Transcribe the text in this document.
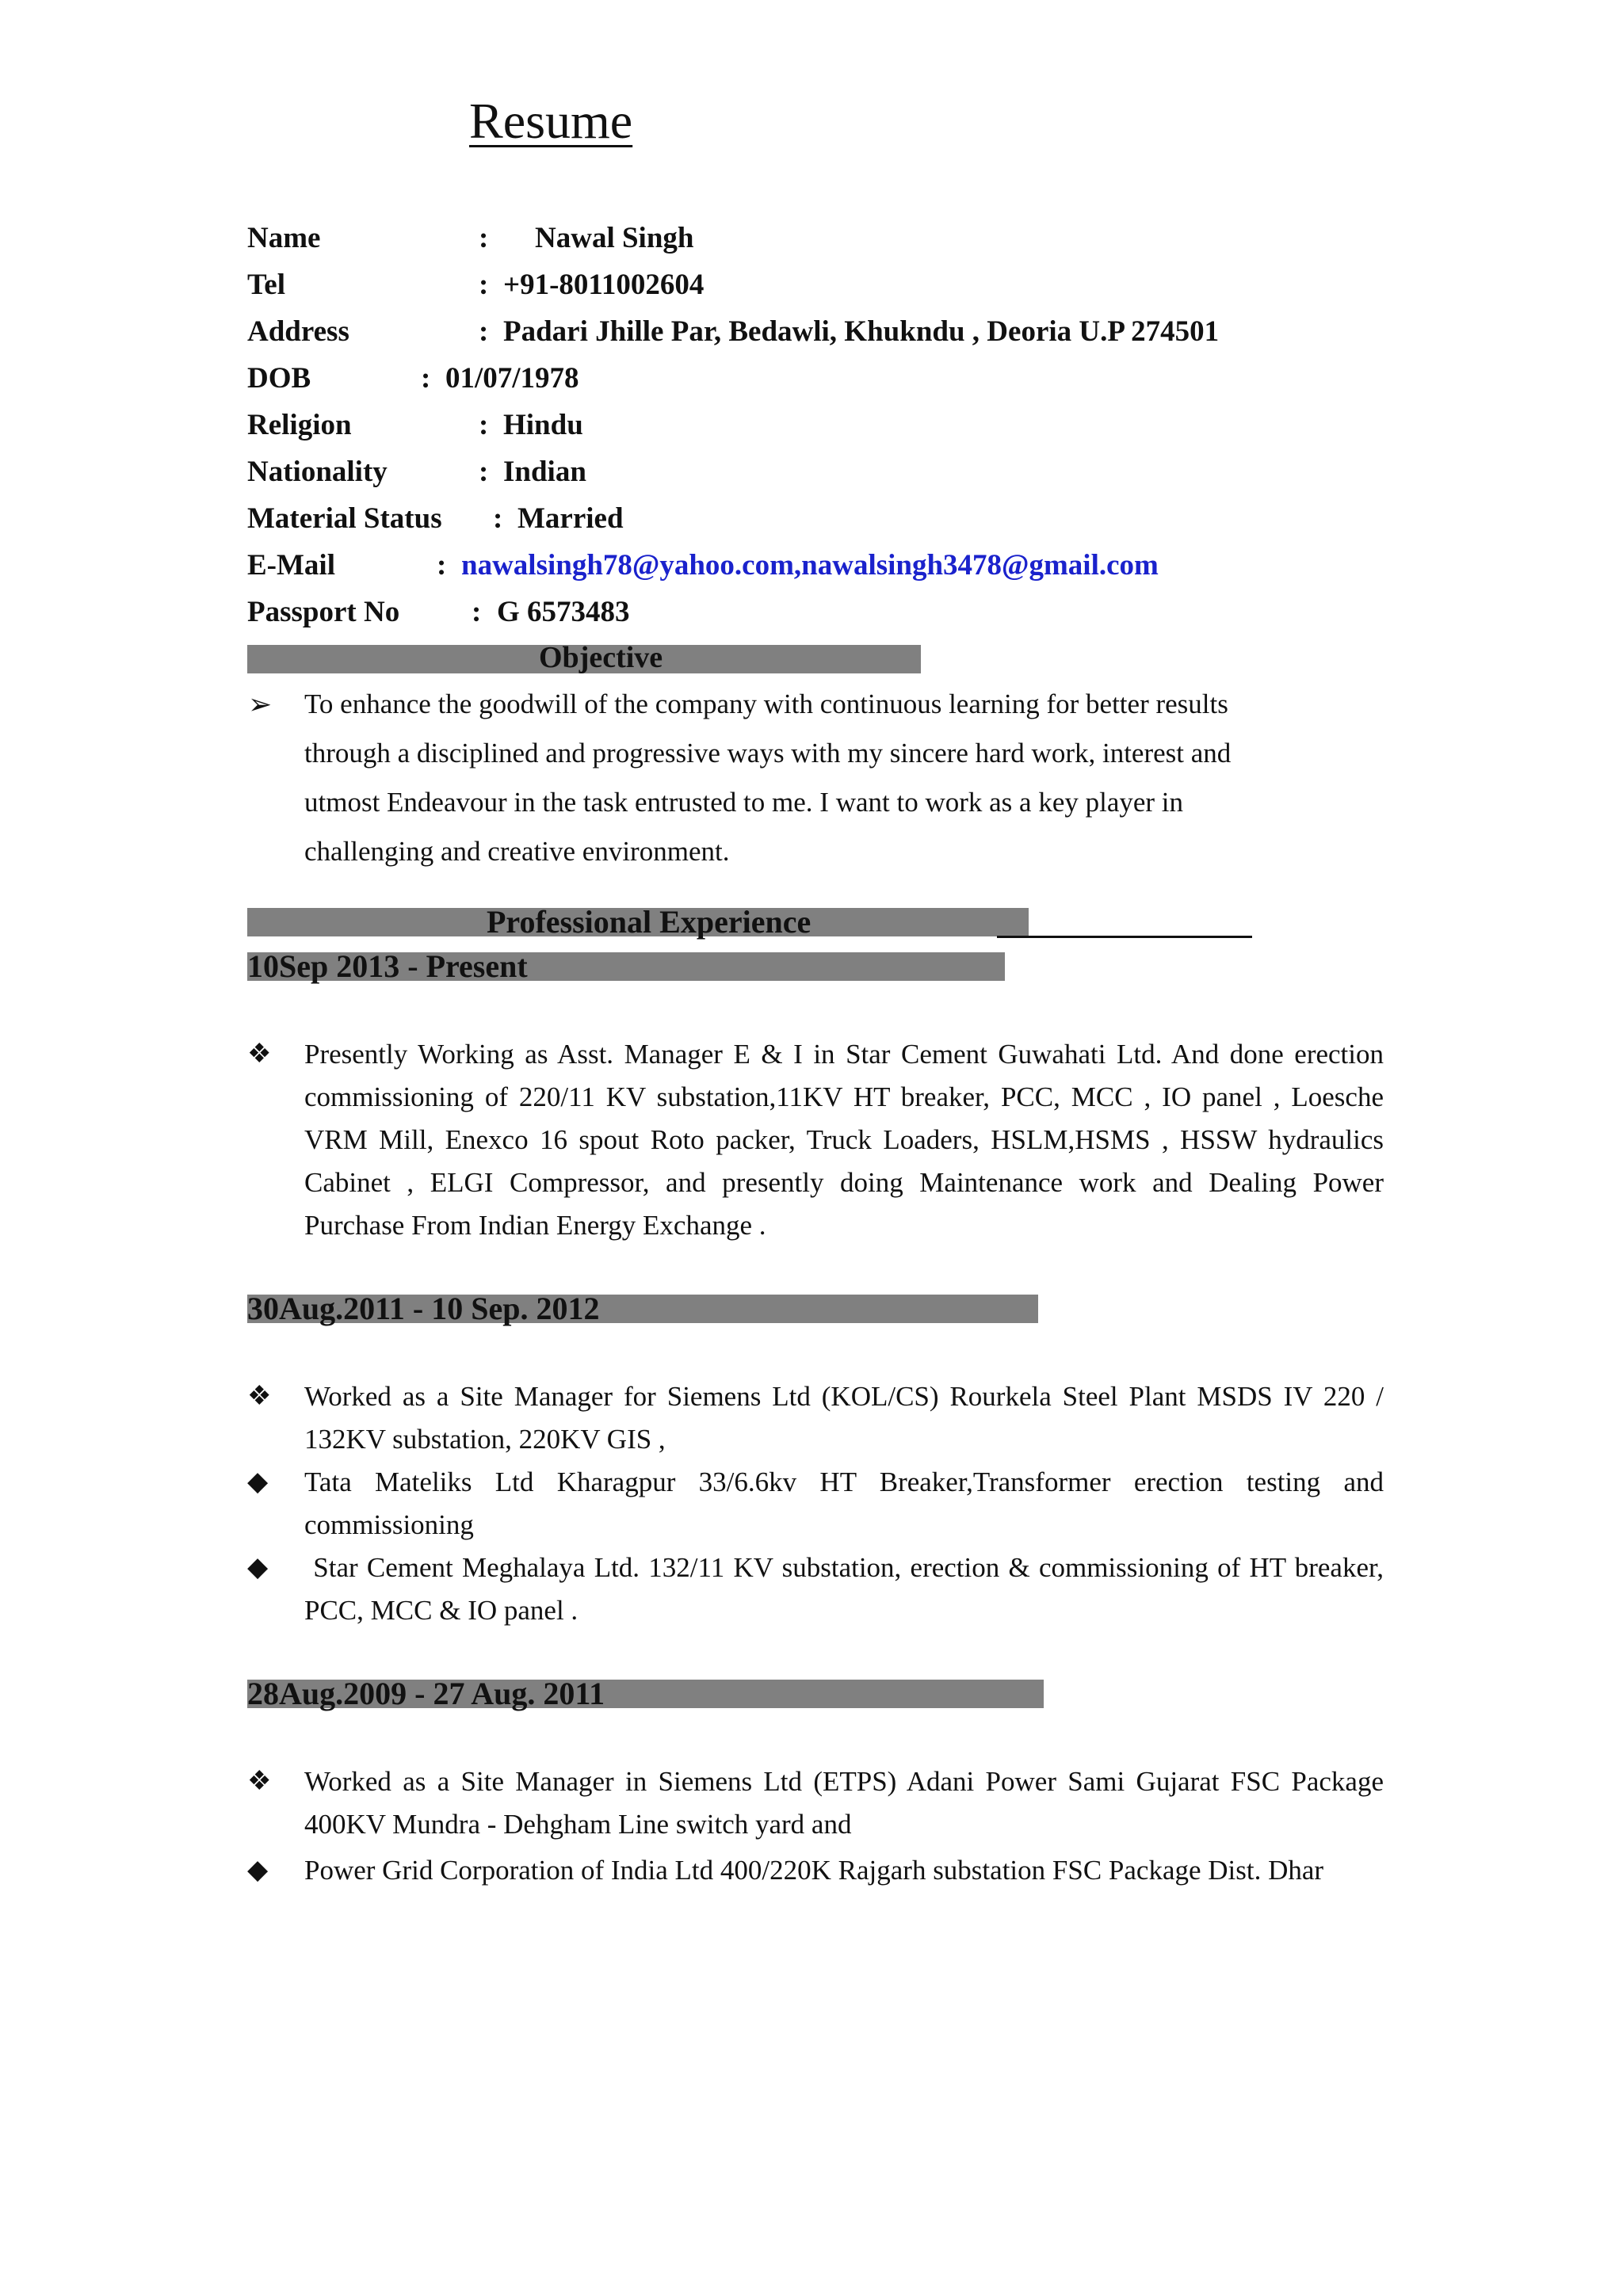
Resume
Name	: Nawal Singh
Tel	: +91-8011002604
Address	: Padari Jhille Par, Bedawli, Khukndu , Deoria U.P 274501
DOB	: 01/07/1978
Religion	: Hindu
Nationality	: Indian
Material Status : Married
E-Mail	: nawalsingh78@yahoo.com,nawalsingh3478@gmail.com
Passport No : G 6573483
Objective
➢ To enhance the goodwill of the company with continuous learning for better results
through a disciplined and progressive ways with my sincere hard work, interest and
utmost Endeavour in the task entrusted to me. I want to work as a key player in
challenging and creative environment.
Professional Experience
10Sep 2013 - Present
❖ Presently Working as Asst. Manager E & I in Star Cement Guwahati Ltd. And done erection commissioning of 220/11 KV substation,11KV HT breaker, PCC, MCC , IO panel , Loesche VRM Mill, Enexco 16 spout Roto packer, Truck Loaders, HSLM,HSMS , HSSW hydraulics Cabinet , ELGI Compressor, and presently doing Maintenance work and Dealing Power Purchase From Indian Energy Exchange .
30Aug.2011 - 10 Sep. 2012
❖ Worked as a Site Manager for Siemens Ltd (KOL/CS) Rourkela Steel Plant MSDS IV 220 / 132KV substation, 220KV GIS ,
◆ Tata Mateliks Ltd Kharagpur 33/6.6kv HT Breaker,Transformer erection testing and commissioning
◆ Star Cement Meghalaya Ltd. 132/11 KV substation, erection & commissioning of HT breaker, PCC, MCC & IO panel .
28Aug.2009 - 27 Aug. 2011
❖ Worked as a Site Manager in Siemens Ltd (ETPS) Adani Power Sami Gujarat FSC Package 400KV Mundra - Dehgham Line switch yard and
◆ Power Grid Corporation of India Ltd 400/220K Rajgarh substation FSC Package Dist. Dhar
